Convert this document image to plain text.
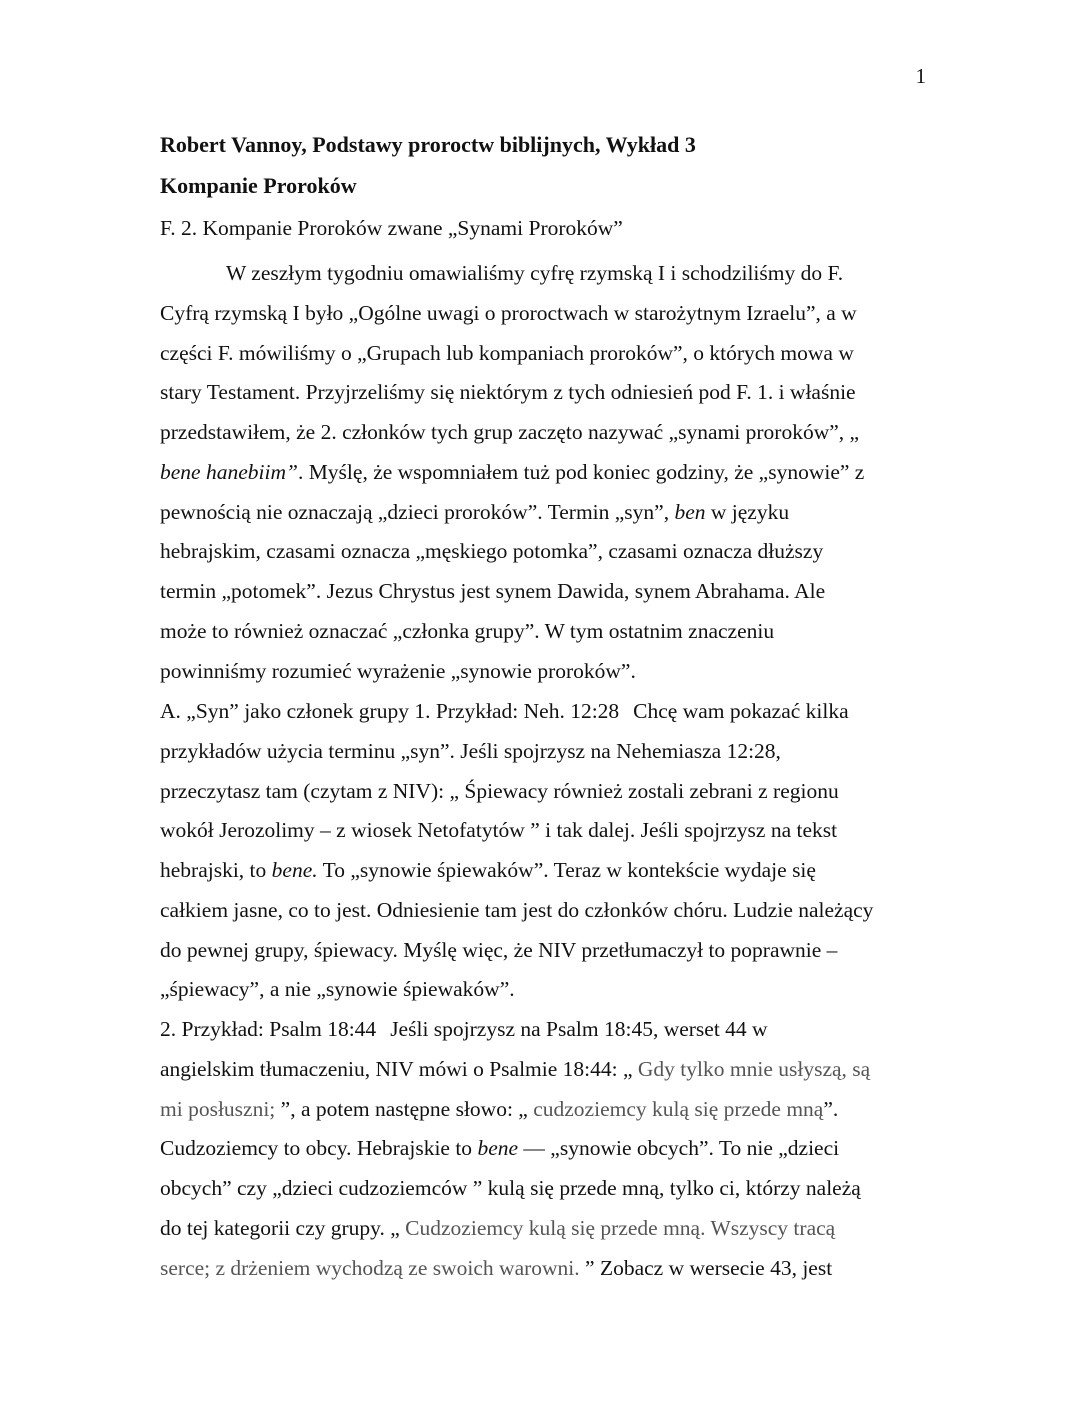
1
Robert Vannoy, Podstawy proroctw biblijnych, Wykład 3
Kompanie Proroków
F. 2. Kompanie Proroków zwane „Synami Proroków”
W zeszłym tygodniu omawialiśmy cyfrę rzymską I i schodziliśmy do F.
Cyfrą rzymską I było „Ogólne uwagi o proroctwach w starożytnym Izraelu”, a w
części F. mówiliśmy o „Grupach lub kompaniach proroków”, o których mowa w
stary Testament. Przyjrzeliśmy się niektórym z tych odniesień pod F. 1. i właśnie
przedstawiłem, że 2. członków tych grup zaczęto nazywać „synami proroków”, „
bene hanebiim”. Myślę, że wspomniałem tuż pod koniec godziny, że „synowie” z
pewnością nie oznaczają „dzieci proroków”. Termin „syn”, ben w języku
hebrajskim, czasami oznacza „męskiego potomka”, czasami oznacza dłuższy
termin „potomek”. Jezus Chrystus jest synem Dawida, synem Abrahama. Ale
może to również oznaczać „członka grupy”. W tym ostatnim znaczeniu
powinniśmy rozumieć wyrażenie „synowie proroków”.
A. „Syn” jako członek grupy 1. Przykład: Neh. 12:28 Chcę wam pokazać kilka
przykładów użycia terminu „syn”. Jeśli spojrzysz na Nehemiasza 12:28,
przeczytasz tam (czytam z NIV): „ Śpiewacy również zostali zebrani z regionu
wokół Jerozolimy – z wiosek Netofatytów ” i tak dalej. Jeśli spojrzysz na tekst
hebrajski, to bene. To „synowie śpiewaków”. Teraz w kontekście wydaje się
całkiem jasne, co to jest. Odniesienie tam jest do członków chóru. Ludzie należący
do pewnej grupy, śpiewacy. Myślę więc, że NIV przetłumaczył to poprawnie –
„śpiewacy”, a nie „synowie śpiewaków”.
2. Przykład: Psalm 18:44 Jeśli spojrzysz na Psalm 18:45, werset 44 w
angielskim tłumaczeniu, NIV mówi o Psalmie 18:44: „ Gdy tylko mnie usłyszą, są
mi posłuszni; ”, a potem następne słowo: „ cudzoziemcy kulą się przede mną”.
Cudzoziemcy to obcy. Hebrajskie to bene — „synowie obcych”. To nie „dzieci
obcych” czy „dzieci cudzoziemców ” kulą się przede mną, tylko ci, którzy należą
do tej kategorii czy grupy. „ Cudzoziemcy kulą się przede mną. Wszyscy tracą
serce; z drżeniem wychodzą ze swoich warowni. ” Zobacz w wersecie 43, jest
